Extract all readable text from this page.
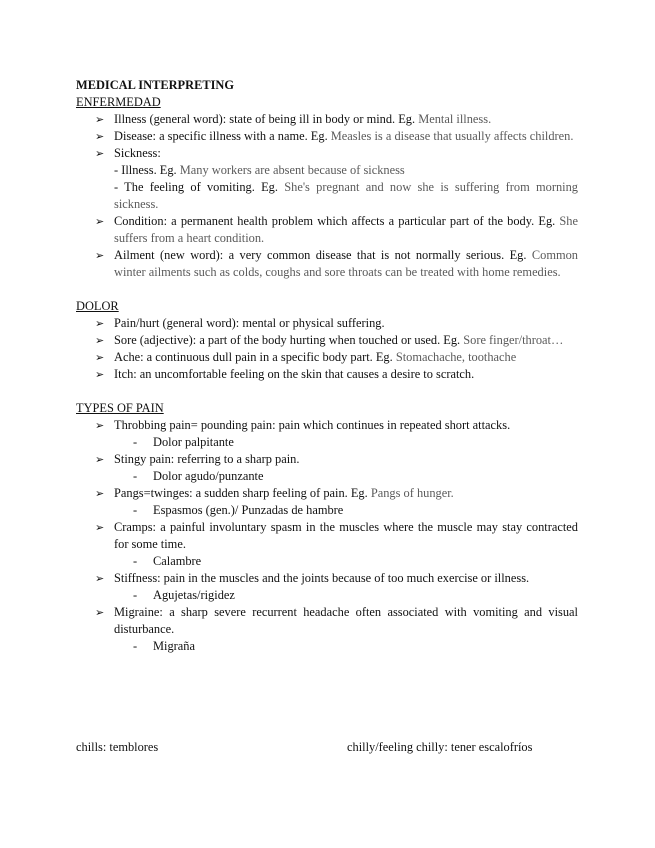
MEDICAL INTERPRETING
ENFERMEDAD
➢ Illness (general word): state of being ill in body or mind. Eg. Mental illness.
➢ Disease: a specific illness with a name. Eg. Measles is a disease that usually affects children.
➢ Sickness:
- Illness. Eg. Many workers are absent because of sickness
- The feeling of vomiting. Eg. She's pregnant and now she is suffering from morning sickness.
➢ Condition: a permanent health problem which affects a particular part of the body. Eg. She suffers from a heart condition.
➢ Ailment (new word): a very common disease that is not normally serious. Eg. Common winter ailments such as colds, coughs and sore throats can be treated with home remedies.
DOLOR
➢ Pain/hurt (general word): mental or physical suffering.
➢ Sore (adjective): a part of the body hurting when touched or used. Eg. Sore finger/throat…
➢ Ache: a continuous dull pain in a specific body part. Eg. Stomachache, toothache
➢ Itch: an uncomfortable feeling on the skin that causes a desire to scratch.
TYPES OF PAIN
➢ Throbbing pain= pounding pain: pain which continues in repeated short attacks.
- Dolor palpitante
➢ Stingy pain: referring to a sharp pain.
- Dolor agudo/punzante
➢ Pangs=twinges: a sudden sharp feeling of pain. Eg. Pangs of hunger.
- Espasmos (gen.)/ Punzadas de hambre
➢ Cramps: a painful involuntary spasm in the muscles where the muscle may stay contracted for some time.
- Calambre
➢ Stiffness: pain in the muscles and the joints because of too much exercise or illness.
- Agujetas/rigidez
➢ Migraine: a sharp severe recurrent headache often associated with vomiting and visual disturbance.
- Migraña
chills: temblores	chilly/feeling chilly: tener escalofríos
